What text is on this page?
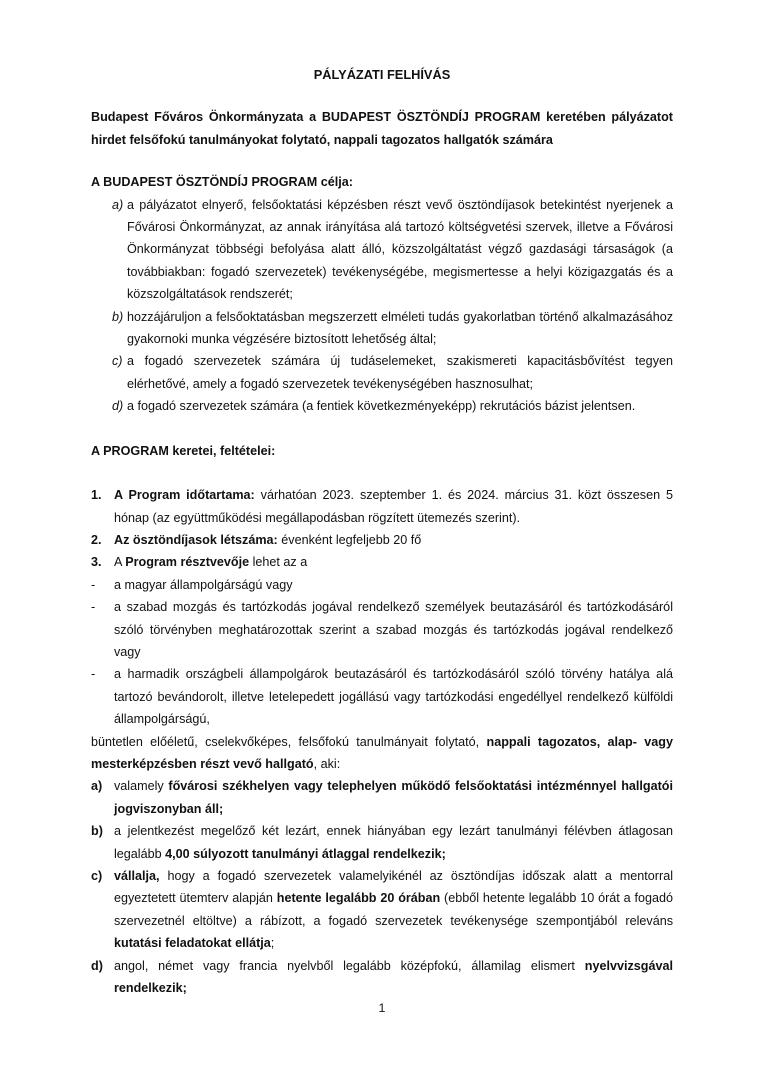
PÁLYÁZATI FELHÍVÁS

Budapest Főváros Önkormányzata a BUDAPEST ÖSZTÖNDÍJ PROGRAM keretében pályázatot hirdet felsőfokú tanulmányokat folytató, nappali tagozatos hallgatók számára

A BUDAPEST ÖSZTÖNDÍJ PROGRAM célja:

a) a pályázatot elnyerő, felsőoktatási képzésben részt vevő ösztöndíjasok betekintést nyerjenek a Fővárosi Önkormányzat, az annak irányítása alá tartozó költségvetési szervek, illetve a Fővárosi Önkormányzat többségi befolyása alatt álló, közszolgáltatást végző gazdasági társaságok (a továbbiakban: fogadó szervezetek) tevékenységébe, megismertesse a helyi közigazgatás és a közszolgáltatások rendszerét;
b) hozzájáruljon a felsőoktatásban megszerzett elméleti tudás gyakorlatban történő alkalmazásához gyakornoki munka végzésére biztosított lehetőség által;
c) a fogadó szervezetek számára új tudáselemeket, szakismereti kapacitásbővítést tegyen elérhetővé, amely a fogadó szervezetek tevékenységében hasznosulhat;
d) a fogadó szervezetek számára (a fentiek következményeképp) rekrutációs bázist jelentsen.

A PROGRAM keretei, feltételei:

1. A Program időtartama: várhatóan 2023. szeptember 1. és 2024. március 31. közt összesen 5 hónap (az együttműködési megállapodásban rögzített ütemezés szerint).
2. Az ösztöndíjasok létszáma: évenként legfeljebb 20 fő
3. A Program résztvevője lehet az a
-	a magyar állampolgárságú vagy
-	a szabad mozgás és tartózkodás jogával rendelkező személyek beutazásáról és tartózkodásáról szóló törvényben meghatározottak szerint a szabad mozgás és tartózkodás jogával rendelkező vagy
-	a harmadik országbeli állampolgárok beutazásáról és tartózkodásáról szóló törvény hatálya alá tartozó bevándorolt, illetve letelepedett jogállású vagy tartózkodási engedéllyel rendelkező külföldi állampolgárságú,

büntetlen előéletű, cselekvőképes, felsőfokú tanulmányait folytató, nappali tagozatos, alap- vagy mesterképzésben részt vevő hallgató, aki:

a) valamely fővárosi székhelyen vagy telephelyen működő felsőoktatási intézménnyel hallgatói jogviszonyban áll;
b) a jelentkezést megelőző két lezárt, ennek hiányában egy lezárt tanulmányi félévben átlagosan legalább 4,00 súlyozott tanulmányi átlaggal rendelkezik;
c) vállalja, hogy a fogadó szervezetek valamelyikénél az ösztöndíjas időszak alatt a mentorral egyeztetett ütemterv alapján hetente legalább 20 órában (ebből hetente legalább 10 órát a fogadó szervezetnél eltöltve) a rábízott, a fogadó szervezetek tevékenysége szempontjából releváns kutatási feladatokat ellátja;
d) angol, német vagy francia nyelvből legalább középfokú, államilag elismert nyelvvizsgával rendelkezik;
1
